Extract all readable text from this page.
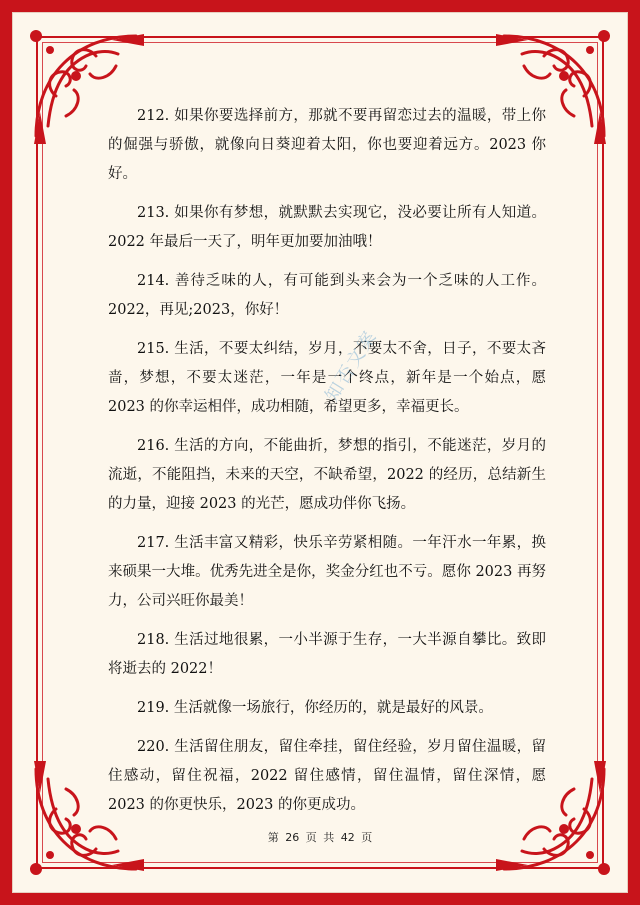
212. 如果你要选择前方，那就不要再留恋过去的温暖，带上你的倔强与骄傲，就像向日葵迎着太阳，你也要迎着远方。2023 你好。

213. 如果你有梦想，就默默去实现它，没必要让所有人知道。2022 年最后一天了，明年更加要加油哦！

214. 善待乏味的人，有可能到头来会为一个乏味的人工作。2022，再见;2023，你好！

215. 生活，不要太纠结，岁月，不要太不舍，日子，不要太吝啬，梦想，不要太迷茫，一年是一个终点，新年是一个始点，愿 2023 的你幸运相伴，成功相随，希望更多，幸福更长。

216. 生活的方向，不能曲折，梦想的指引，不能迷茫，岁月的流逝，不能阻挡，未来的天空，不缺希望，2022 的经历，总结新生的力量，迎接 2023 的光芒，愿成功伴你飞扬。

217. 生活丰富又精彩，快乐辛劳紧相随。一年汗水一年累，换来硕果一大堆。优秀先进全是你，奖金分红也不亏。愿你 2023 再努力，公司兴旺你最美！

218. 生活过地很累，一小半源于生存，一大半源自攀比。致即将逝去的 2022！

219. 生活就像一场旅行，你经历的，就是最好的风景。

220. 生活留住朋友，留住牵挂，留住经验，岁月留住温暖，留住感动，留住祝福，2022 留住感情，留住温情，留住深情，愿 2023 的你更快乐，2023 的你更成功。

知否文案
第 26 页 共 42 页
